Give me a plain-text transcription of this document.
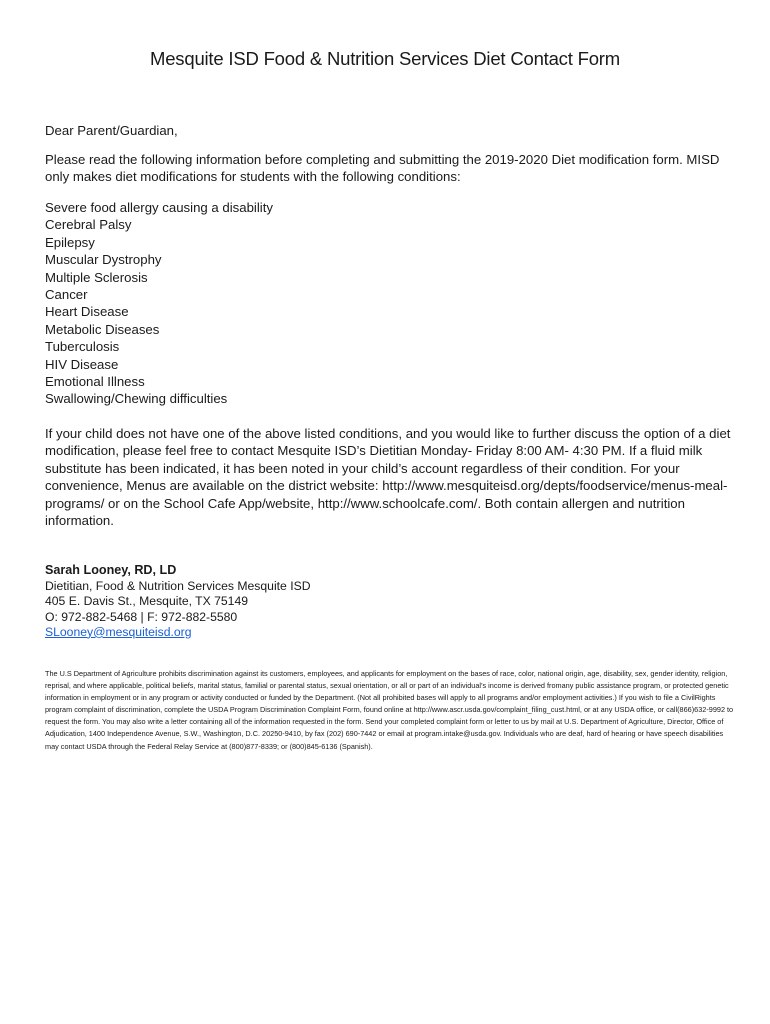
Mesquite ISD Food & Nutrition Services Diet Contact Form

Dear Parent/Guardian,

Please read the following information before completing and submitting the 2019-2020 Diet modification form. MISD only makes diet modifications for students with the following conditions:

Severe food allergy causing a disability
Cerebral Palsy
Epilepsy
Muscular Dystrophy
Multiple Sclerosis
Cancer
Heart Disease
Metabolic Diseases
Tuberculosis
HIV Disease
Emotional Illness
Swallowing/Chewing difficulties

If your child does not have one of the above listed conditions, and you would like to further discuss the option of a diet modification, please feel free to contact Mesquite ISD’s Dietitian Monday- Friday 8:00 AM- 4:30 PM. If a fluid milk substitute has been indicated, it has been noted in your child’s account regardless of their condition. For your convenience, Menus are available on the district website: http://www.mesquiteisd.org/depts/foodservice/menus-meal-programs/ or on the School Cafe App/website, http://www.schoolcafe.com/. Both contain allergen and nutrition information.

Sarah Looney, RD, LD
Dietitian, Food & Nutrition Services Mesquite ISD
405 E. Davis St., Mesquite, TX 75149
O: 972-882-5468 | F: 972-882-5580
SLooney@mesquiteisd.org

The U.S Department of Agriculture prohibits discrimination against its customers, employees, and applicants for employment on the bases of race, color, national origin, age, disability, sex, gender identity, religion, reprisal, and where applicable, political beliefs, marital status, familial or parental status, sexual orientation, or all or part of an individual’s income is derived fromany public assistance program, or protected genetic information in employment or in any program or activity conducted or funded by the Department. (Not all prohibited bases will apply to all programs and/or employment activities.) If you wish to file a CivilRights program complaint of discrimination, complete the USDA Program Discrimination Complaint Form, found online at http://www.ascr.usda.gov/complaint_filing_cust.html, or at any USDA office, or call(866)632-9992 to request the form. You may also write a letter containing all of the information requested in the form. Send your completed complaint form or letter to us by mail at U.S. Department of Agriculture, Director, Office of Adjudication, 1400 Independence Avenue, S.W., Washington, D.C. 20250-9410, by fax (202) 690-7442 or email at program.intake@usda.gov. Individuals who are deaf, hard of hearing or have speech disabilities may contact USDA through the Federal Relay Service at (800)877-8339; or (800)845-6136 (Spanish).
